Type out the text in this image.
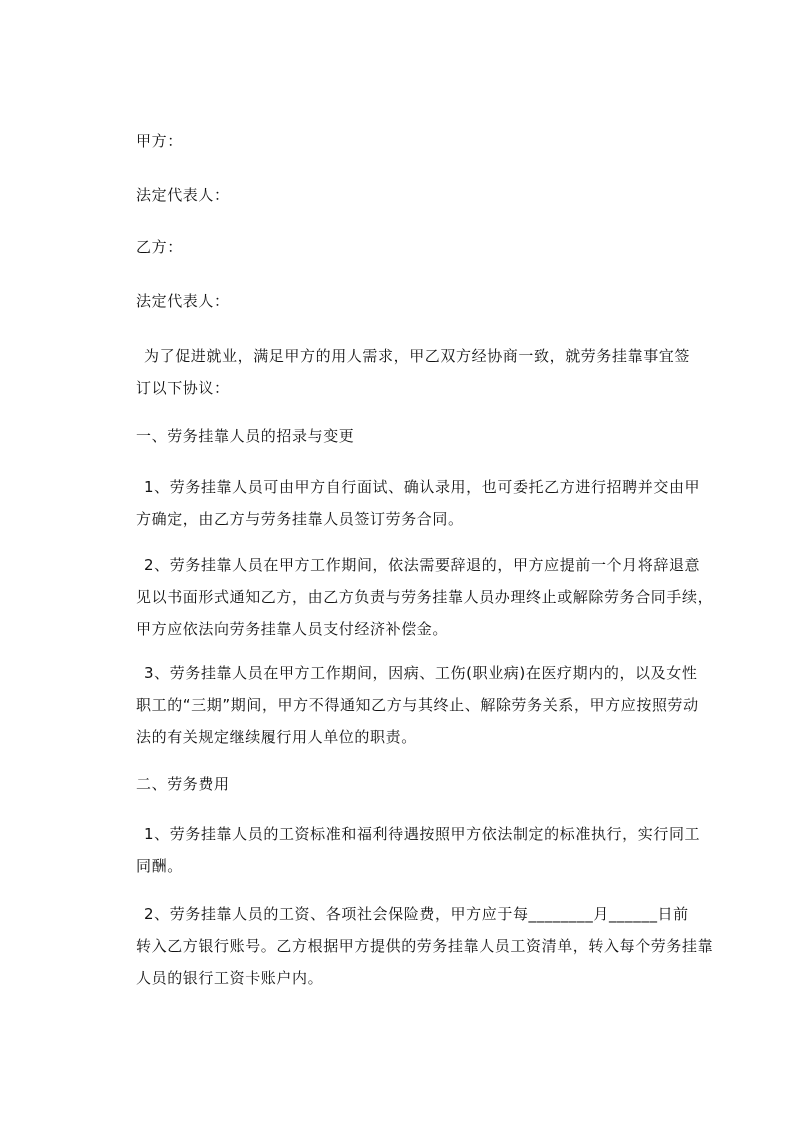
甲方：
法定代表人：
乙方：
法定代表人：
为了促进就业，满足甲方的用人需求，甲乙双方经协商一致，就劳务挂靠事宜签
订以下协议：
一、劳务挂靠人员的招录与变更
1、劳务挂靠人员可由甲方自行面试、确认录用，也可委托乙方进行招聘并交由甲
方确定，由乙方与劳务挂靠人员签订劳务合同。
2、劳务挂靠人员在甲方工作期间，依法需要辞退的，甲方应提前一个月将辞退意
见以书面形式通知乙方，由乙方负责与劳务挂靠人员办理终止或解除劳务合同手续，
甲方应依法向劳务挂靠人员支付经济补偿金。
3、劳务挂靠人员在甲方工作期间，因病、工伤(职业病)在医疗期内的，以及女性
职工的“三期”期间，甲方不得通知乙方与其终止、解除劳务关系，甲方应按照劳动
法的有关规定继续履行用人单位的职责。
二、劳务费用
1、劳务挂靠人员的工资标准和福利待遇按照甲方依法制定的标准执行，实行同工
同酬。
2、劳务挂靠人员的工资、各项社会保险费，甲方应于每________月______日前
转入乙方银行账号。乙方根据甲方提供的劳务挂靠人员工资清单，转入每个劳务挂靠
人员的银行工资卡账户内。
